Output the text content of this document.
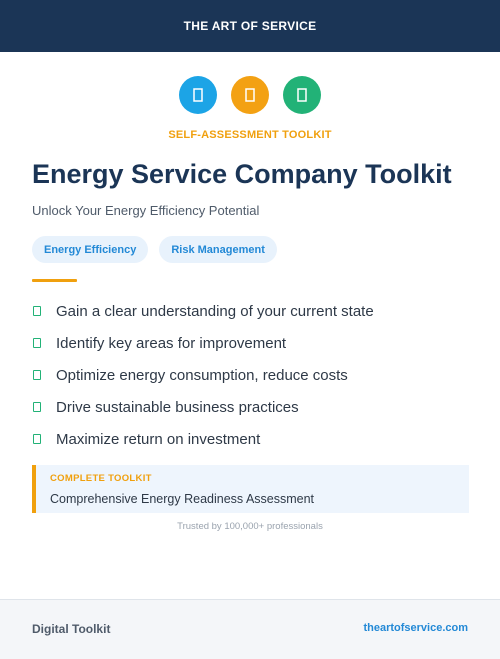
THE ART OF SERVICE
SELF-ASSESSMENT TOOLKIT
Energy Service Company Toolkit
Unlock Your Energy Efficiency Potential
Energy Efficiency	Risk Management
Gain a clear understanding of your current state
Identify key areas for improvement
Optimize energy consumption, reduce costs
Drive sustainable business practices
Maximize return on investment
COMPLETE TOOLKIT
Comprehensive Energy Readiness Assessment
Trusted by 100,000+ professionals
Digital Toolkit	theartofservice.com
